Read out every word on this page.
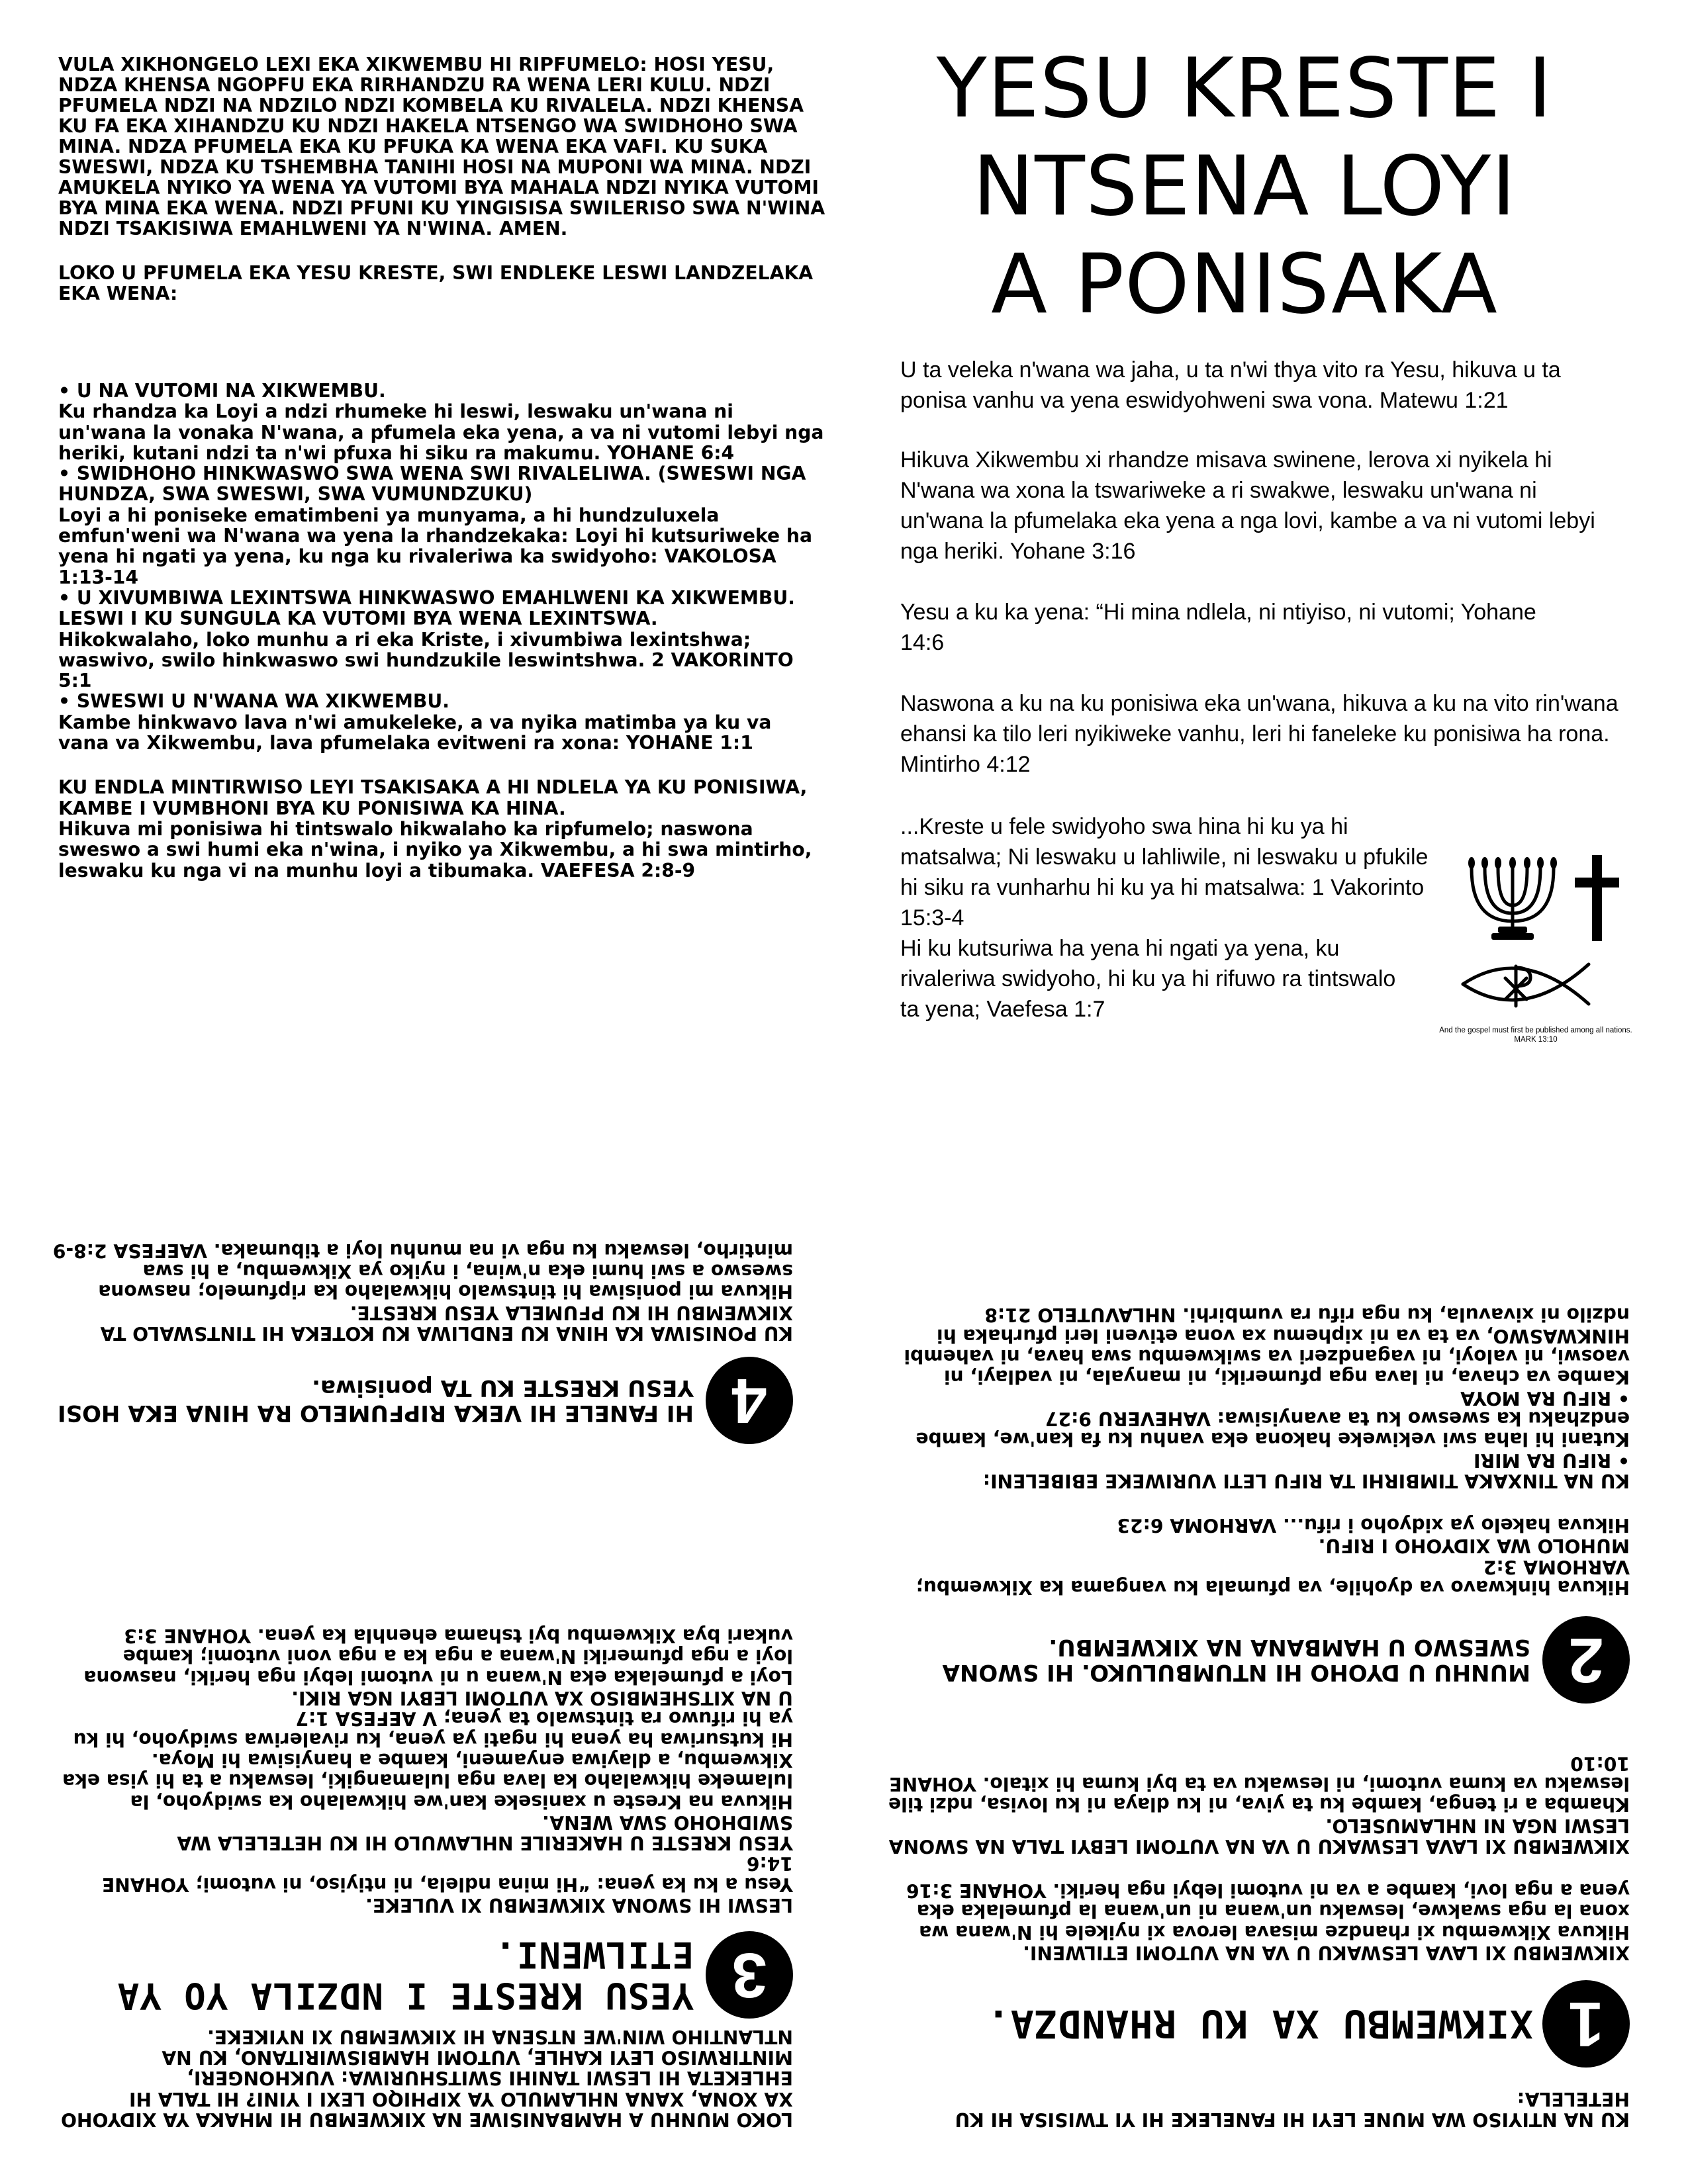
VULA XIKHONGELO LEXI EKA XIKWEMBU HI RIPFUMELO: HOSI YESU, NDZA KHENSA NGOPFU EKA RIRHANDZU RA WENA LERI KULU. NDZI PFUMELA NDZI NA NDZILO NDZI KOMBELA KU RIVALELA. NDZI KHENSA KU FA EKA XIHANDZU KU NDZI HAKELA NTSENGO WA SWIDHOHO SWA MINA. NDZA PFUMELA EKA KU PFUKA KA WENA EKA VAFI. KU SUKA SWESWI, NDZA KU TSHEMBHA TANIHI HOSI NA MUPONI WA MINA. NDZI AMUKELA NYIKO YA WENA YA VUTOMI BYA MAHALA NDZI NYIKA VUTOMI BYA MINA EKA WENA. NDZI PFUNI KU YINGISISA SWILERISO SWA N'WINA NDZI TSAKISIWA EMAHLWENI YA N'WINA. AMEN.

LOKO U PFUMELA EKA YESU KRESTE, SWI ENDLEKE LESWI LANDZELAKA EKA WENA:

• U NA VUTOMI NA XIKWEMBU.

Ku rhandza ka Loyi a ndzi rhumeke hi leswi, leswaku un'wana ni un'wana la vonaka N'wana, a pfumela eka yena, a va ni vutomi lebyi nga heriki, kutani ndzi ta n'wi pfuxa hi siku ra makumu. YOHANE 6:4

• SWIDHOHO HINKWASWO SWA WENA SWI RIVALELIWA. (SWESWI NGA HUNDZA, SWA SWESWI, SWA VUMUNDZUKU)

Loyi a hi poniseke ematimbeni ya munyama, a hi hundzuluxela emfun'weni wa N'wana wa yena la rhandzekaka: Loyi hi kutsuriweke ha yena hi ngati ya yena, ku nga ku rivaleriwa ka swidyoho: VAKOLOSA 1:13-14

• U XIVUMBIWA LEXINTSWA HINKWASWO EMAHLWENI KA XIKWEMBU. LESWI I KU SUNGULA KA VUTOMI BYA WENA LEXINTSWA.

Hikokwalaho, loko munhu a ri eka Kriste, i xivumbiwa lexintshwa; waswivo, swilo hinkwaswo swi hundzukile leswintshwa. 2 VAKORINTO 5:1

• SWESWI U N'WANA WA XIKWEMBU.

Kambe hinkwavo lava n'wi amukeleke, a va nyika matimba ya ku va vana va Xikwembu, lava pfumelaka evitweni ra xona: YOHANE 1:1

KU ENDLA MINTIRWISO LEYI TSAKISAKA A HI NDLELA YA KU PONISIWA, KAMBE I VUMBHONI BYA KU PONISIWA KA HINA.

Hikuva mi ponisiwa hi tintswalo hikwalaho ka ripfumelo; naswona sweswo a swi humi eka n'wina, i nyiko ya Xikwembu, a hi swa mintirho, leswaku ku nga vi na munhu loyi a tibumaka. VAEFESA 2:8-9

YESU KRESTE I
NTSENA LOYI
A PONISAKA
U ta veleka n'wana wa jaha, u ta n'wi thya vito ra Yesu, hikuva u ta ponisa vanhu va yena eswidyohweni swa vona. Matewu 1:21
Hikuva Xikwembu xi rhandze misava swinene, lerova xi nyikela hi N'wana wa xona la tswariweke a ri swakwe, leswaku un'wana ni un'wana la pfumelaka eka yena a nga lovi, kambe a va ni vutomi lebyi nga heriki. Yohane 3:16
Yesu a ku ka yena: “Hi mina ndlela, ni ntiyiso, ni vutomi; Yohane 14:6
Naswona a ku na ku ponisiwa eka un'wana, hikuva a ku na vito rin'wana ehansi ka tilo leri nyikiweke vanhu, leri hi faneleke ku ponisiwa ha rona. Mintirho 4:12
...Kreste u fele swidyoho swa hina hi ku ya hi matsalwa; Ni leswaku u lahliwile, ni leswaku u pfukile hi siku ra vunharhu hi ku ya hi matsalwa: 1 Vakorinto 15:3-4
Hi ku kutsuriwa ha yena hi ngati ya yena, ku rivaleriwa swidyoho, hi ku ya hi rifuwo ra tintswalo ta yena; Vaefesa 1:7
And the gospel must first be published among all nations. MARK 13:10
KU NA NTIYISO WA MUNE LEYI HI FANELEKE HI YI TWISISA HI KU HETELELA:
1
XIKWEMBU XA KU RHANDZA.

XIKWEMBU XI LAVA LESWAKU U VA NA VUTOMI ETILWENI.

Hikuva Xikwembu xi rhandze misava lerova xi nyikele hi N'wana wa xona la nga swakwe, leswaku un'wana ni un'wana la pfumelaka eka yena a nga lovi, kambe a va ni vutomi lebyi nga heriki. YOHANE 3:16

XIKWEMBU XI LAVA LESWAKU U VA NA VUTOMI LEBYI TALA NA SWONA LESWI NGA NI NHLAMUSELO.

Khamba a ri tenga, kambe ku ta yiva, ni ku dlaya ni ku lovisa, ndzi tile leswaku va kuma vutomi, ni leswaku va ta byi kuma hi xitalo. YOHANE 10:10

2
MUNHU U DYOHO HI NTUMBULUKO. HI SWONA SWESWO U HAMBANA NA XIKWEMBU.

Hikuva hinkwavo va dyohile, va pfumala ku vangama ka Xikwembu; VARHOMA 3:2

MUHOLO WA XIDYOHO I RIFU.

Hikuva hakelo ya xidyoho i rifu... VARHOMA 6:23

KU NA TINXAKA TIMBIRHI TA RIFU LETI VURIWEKE EBIBELENI:

• RIFU RA MIRI

Kutani hi laha swi vekiweke hakona eka vanhu ku fa kan'we, kambe endzhaku ka sweswo ku ta avanyisiwa: VAHEVERU 9:27

• RIFU RA MOYA

Kambe va chava, ni lava nga pfumeriki, ni manyala, ni vadlayi, ni vaoswi, ni valoyi, ni vagandzeri va swikwembu swa hava, ni vahembi HINKWASWO, va ta va ni xiphemu xa vona etiveni leri pfurhaka hi ndzilo ni xivavula, ku nga rifu ra vumbirhi. NHLAVUTELO 21:8

LOKO MUNHU A HAMBANISIWE NA XIKWEMBU HI MHAKA YA XIDYOHO XA XONA, XANA NHLAMULO YA XIPHIQO LEXI I YINI? HI TALA HI EHLEKETA HI LESWI TANIHI SWITSHURIWA: VUKHONGERI, MINTIRWISO LEYI KAHLE, VUTOMI HAMBISWIRITANO, KU NA NTLANTIHO WIN'WE NTSENA HI XIKWEMBU XI NYIKEKE.

3
YESU KRESTE I NDZILA YO YA ETILWENI.

LESWI HI SWONA XIKWEMBU XI VULEKE.

Yesu a ku ka yena: “Hi mina ndlela, ni ntiyiso, ni vutomi; YOHANE 14:6

YESU KRESTE U HAKERILE NHLAWULO HI KU HETELELA WA SWIDHOHO SWA WENA.

Hikuva na Kreste u xaniseke kan'we hikwalaho ka swidyoho, la lulameke hikwalaho ka lava nga lulamangiki, leswaku a ta hi yisa eka Xikwembu, a dlayiwa enyameni, kambe a hanyisiwa hi Moya.

Hi kutsuriwa ha yena hi ngati ya yena, ku rivaleriwa swidyoho, hi ku ya hi rifuwo ra tintswalo ta yena; V AEFESA 1:7

U NA XITSHEMBISO XA VUTOMI LEBYI NGA RIKI.

Loyi a pfumelaka eka N'wana u ni vutomi lebyi nga heriki, naswona loyi a nga pfumeriki N'wana a nga ka a nga voni vutomi; kambe vukari bya Xikwembu byi tshama ehenhla ka yena. YOHANE 3:3

4
HI FANELE HI VEKA RIPFUMELO RA HINA EKA HOSI YESU KRESTE KU TA ponisiwa.

KU PONISIWA KA HINA KU ENDLIWA KU KOTEKA HI TINTSWALO TA XIKWEMBU HI KU PFUMELA YESU KRESTE.

Hikuva mi ponisiwa hi tintswalo hikwalaho ka ripfumelo; naswona sweswo a swi humi eka n'wina, i nyiko ya Xikwembu, a hi swa mintirho, leswaku ku nga vi na munhu loyi a tibumaka. VAEFESA 2:8-9
